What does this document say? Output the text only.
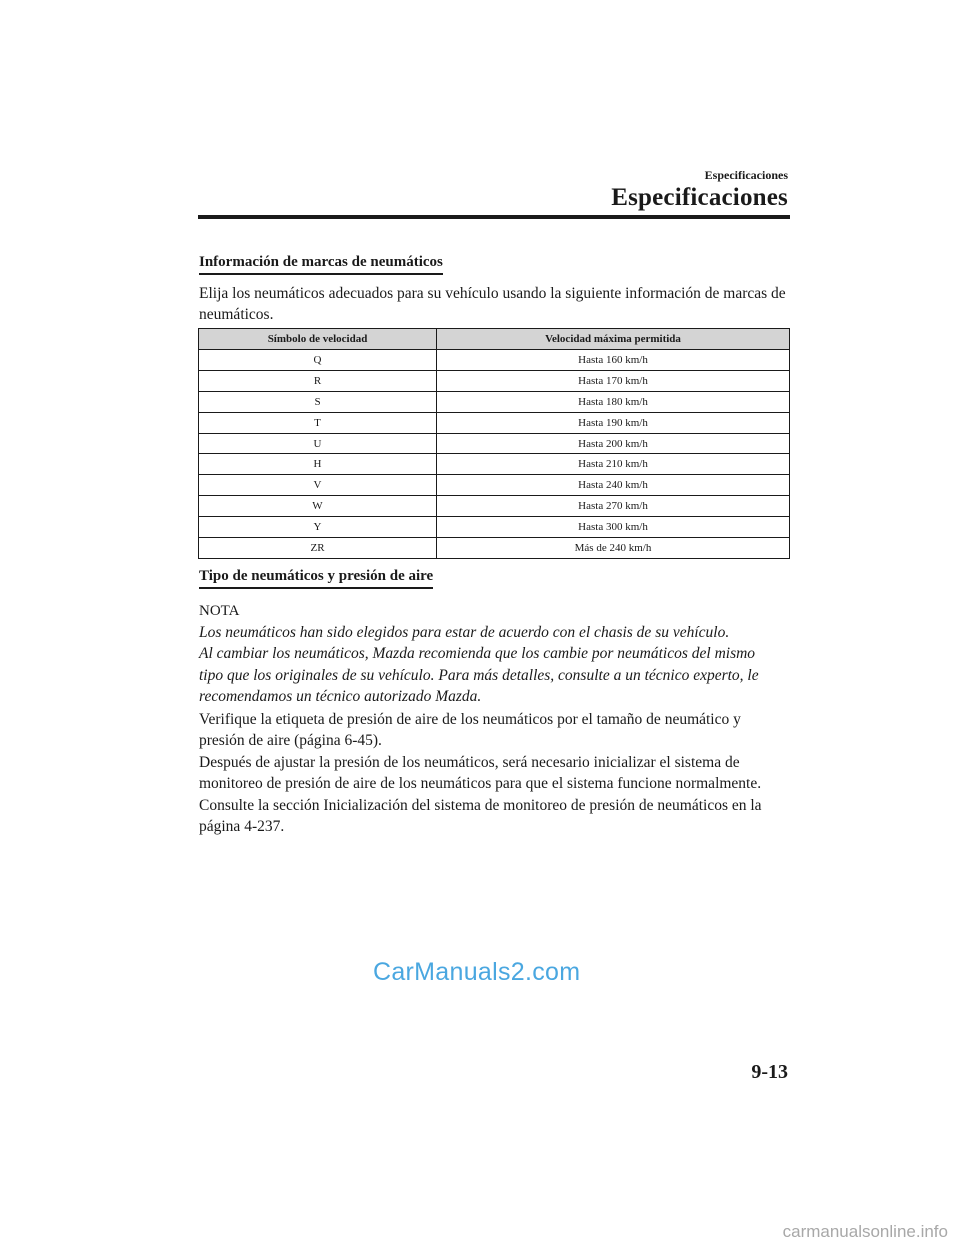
Especificaciones
Especificaciones
Información de marcas de neumáticos
Elija los neumáticos adecuados para su vehículo usando la siguiente información de marcas de neumáticos.
Símbolo de velocidad	Velocidad máxima permitida
Q	Hasta 160 km/h
R	Hasta 170 km/h
S	Hasta 180 km/h
T	Hasta 190 km/h
U	Hasta 200 km/h
H	Hasta 210 km/h
V	Hasta 240 km/h
W	Hasta 270 km/h
Y	Hasta 300 km/h
ZR	Más de 240 km/h
Tipo de neumáticos y presión de aire
NOTA

Los neumáticos han sido elegidos para estar de acuerdo con el chasis de su vehículo.

Al cambiar los neumáticos, Mazda recomienda que los cambie por neumáticos del mismo

tipo que los originales de su vehículo. Para más detalles, consulte a un técnico experto, le

recomendamos un técnico autorizado Mazda.

Verifique la etiqueta de presión de aire de los neumáticos por el tamaño de neumático y

presión de aire (página 6-45).

Después de ajustar la presión de los neumáticos, será necesario inicializar el sistema de

monitoreo de presión de aire de los neumáticos para que el sistema funcione normalmente.

Consulte la sección Inicialización del sistema de monitoreo de presión de neumáticos en la

página 4-237.

CarManuals2.com
9-13
carmanualsonline.info
